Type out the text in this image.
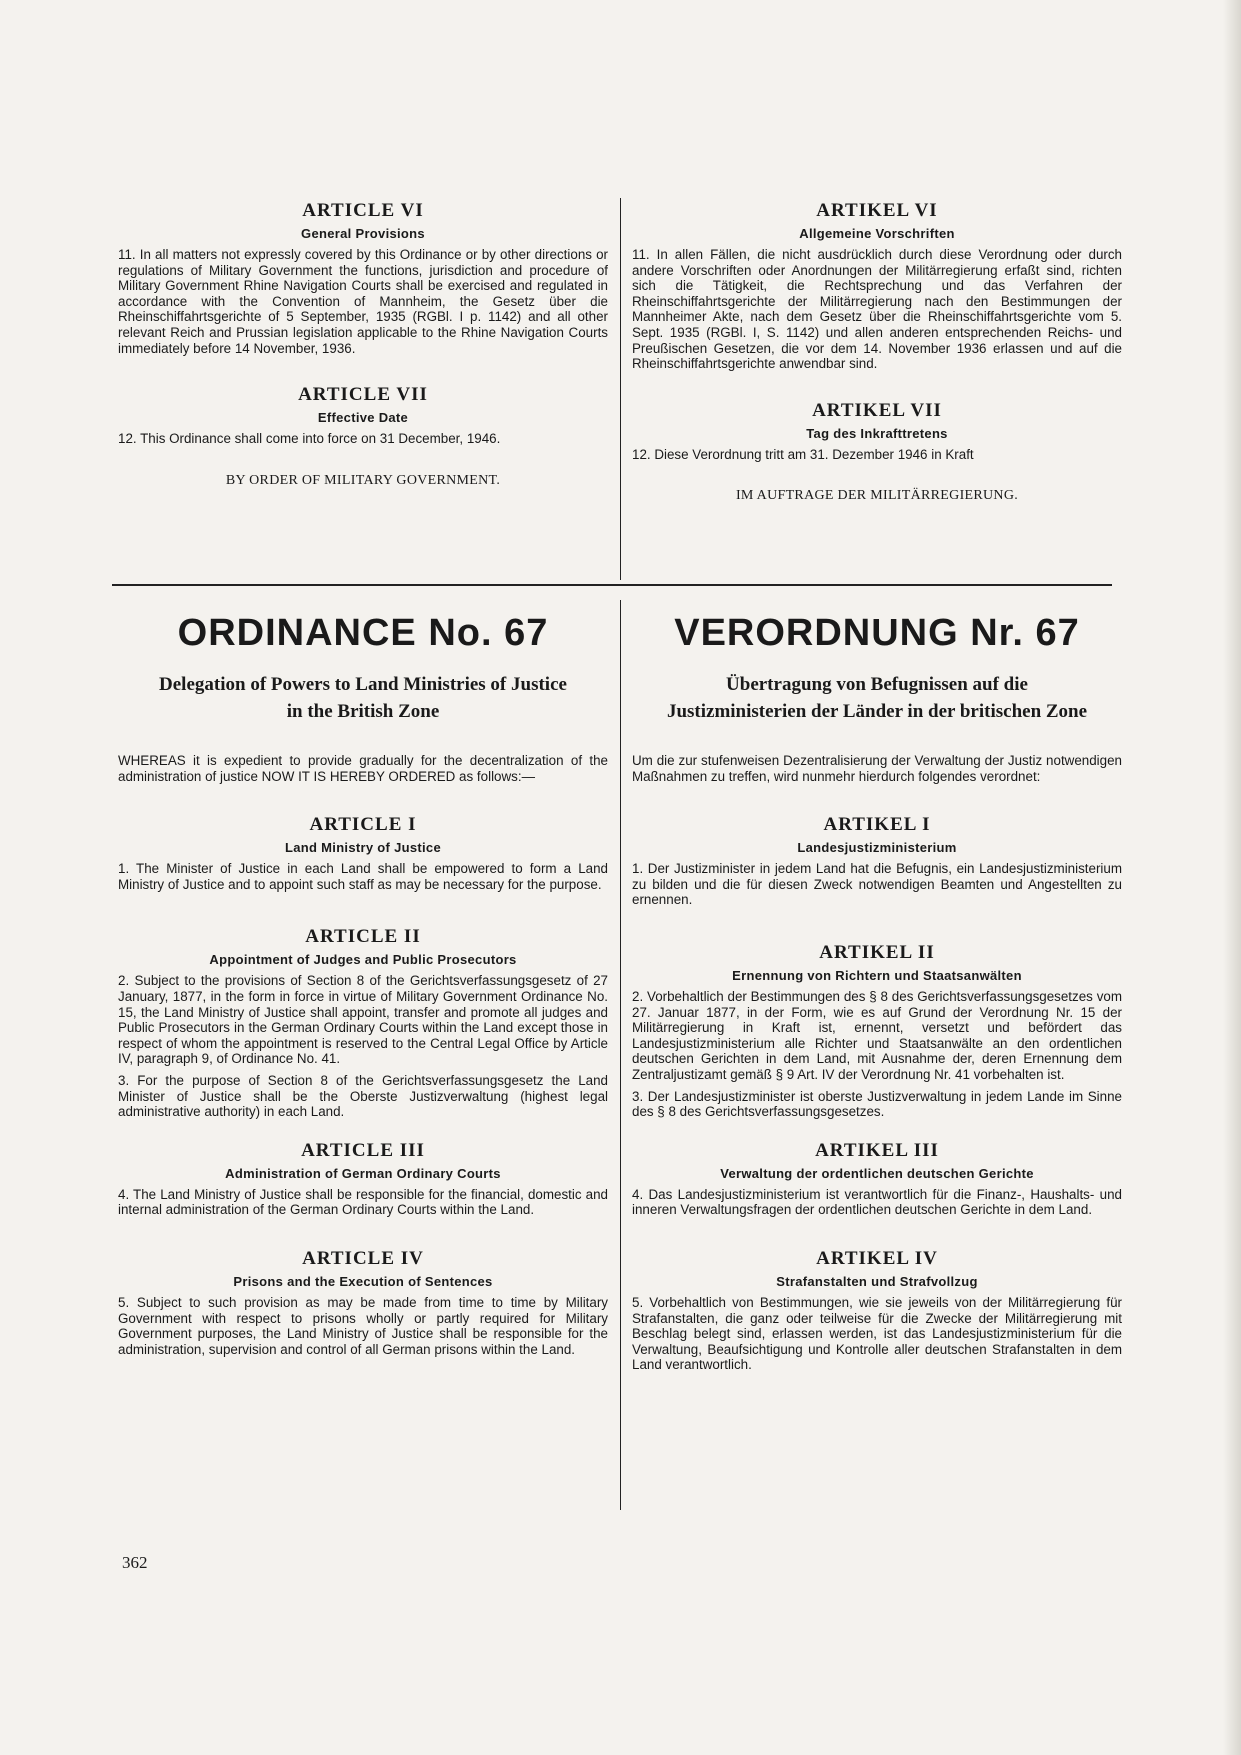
ARTICLE VI
General Provisions

11. In all matters not expressly covered by this Ordinance or by other directions or regulations of Military Government the functions, jurisdiction and procedure of Military Government Rhine Navigation Courts shall be exercised and regulated in accordance with the Convention of Mannheim, the Gesetz über die Rheinschiffahrtsgerichte of 5 September, 1935 (RGBl. I p. 1142) and all other relevant Reich and Prussian legislation applicable to the Rhine Navigation Courts immediately before 14 November, 1936.

ARTICLE VII
Effective Date

12. This Ordinance shall come into force on 31 December, 1946.

BY ORDER OF MILITARY GOVERNMENT.
ARTIKEL VI
Allgemeine Vorschriften

11. In allen Fällen, die nicht ausdrücklich durch diese Verordnung oder durch andere Vorschriften oder Anordnungen der Militärregierung erfaßt sind, richten sich die Tätigkeit, die Rechtsprechung und das Verfahren der Rheinschiffahrtsgerichte der Militärregierung nach den Bestimmungen der Mannheimer Akte, nach dem Gesetz über die Rheinschiffahrtsgerichte vom 5. Sept. 1935 (RGBl. I, S. 1142) und allen anderen entsprechenden Reichs- und Preußischen Gesetzen, die vor dem 14. November 1936 erlassen und auf die Rheinschiffahrtsgerichte anwendbar sind.

ARTIKEL VII
Tag des Inkrafttretens

12. Diese Verordnung tritt am 31. Dezember 1946 in Kraft

IM AUFTRAGE DER MILITÄRREGIERUNG.
ORDINANCE No. 67

Delegation of Powers to Land Ministries of Justice

in the British Zone

WHEREAS it is expedient to provide gradually for the decentralization of the administration of justice NOW IT IS HEREBY ORDERED as follows:—

ARTICLE I
Land Ministry of Justice

1. The Minister of Justice in each Land shall be empowered to form a Land Ministry of Justice and to appoint such staff as may be necessary for the purpose.

ARTICLE II
Appointment of Judges and Public Prosecutors

2. Subject to the provisions of Section 8 of the Gerichtsverfassungsgesetz of 27 January, 1877, in the form in force in virtue of Military Government Ordinance No. 15, the Land Ministry of Justice shall appoint, transfer and promote all judges and Public Prosecutors in the German Ordinary Courts within the Land except those in respect of whom the appointment is reserved to the Central Legal Office by Article IV, paragraph 9, of Ordinance No. 41.

3. For the purpose of Section 8 of the Gerichtsverfassungsgesetz the Land Minister of Justice shall be the Oberste Justizverwaltung (highest legal administrative authority) in each Land.

ARTICLE III
Administration of German Ordinary Courts

4. The Land Ministry of Justice shall be responsible for the financial, domestic and internal administration of the German Ordinary Courts within the Land.

ARTICLE IV
Prisons and the Execution of Sentences

5. Subject to such provision as may be made from time to time by Military Government with respect to prisons wholly or partly required for Military Government purposes, the Land Ministry of Justice shall be responsible for the administration, supervision and control of all German prisons within the Land.

VERORDNUNG Nr. 67

Übertragung von Befugnissen auf die

Justizministerien der Länder in der britischen Zone

Um die zur stufenweisen Dezentralisierung der Verwaltung der Justiz notwendigen Maßnahmen zu treffen, wird nunmehr hierdurch folgendes verordnet:

ARTIKEL I
Landesjustizministerium

1. Der Justizminister in jedem Land hat die Befugnis, ein Landesjustizministerium zu bilden und die für diesen Zweck notwendigen Beamten und Angestellten zu ernennen.

ARTIKEL II
Ernennung von Richtern und Staatsanwälten

2. Vorbehaltlich der Bestimmungen des § 8 des Gerichtsverfassungsgesetzes vom 27. Januar 1877, in der Form, wie es auf Grund der Verordnung Nr. 15 der Militärregierung in Kraft ist, ernennt, versetzt und befördert das Landesjustizministerium alle Richter und Staatsanwälte an den ordentlichen deutschen Gerichten in dem Land, mit Ausnahme der, deren Ernennung dem Zentraljustizamt gemäß § 9 Art. IV der Verordnung Nr. 41 vorbehalten ist.

3. Der Landesjustizminister ist oberste Justizverwaltung in jedem Lande im Sinne des § 8 des Gerichtsverfassungsgesetzes.

ARTIKEL III
Verwaltung der ordentlichen deutschen Gerichte

4. Das Landesjustizministerium ist verantwortlich für die Finanz-, Haushalts- und inneren Verwaltungsfragen der ordentlichen deutschen Gerichte in dem Land.

ARTIKEL IV
Strafanstalten und Strafvollzug

5. Vorbehaltlich von Bestimmungen, wie sie jeweils von der Militärregierung für Strafanstalten, die ganz oder teilweise für die Zwecke der Militärregierung mit Beschlag belegt sind, erlassen werden, ist das Landesjustizministerium für die Verwaltung, Beaufsichtigung und Kontrolle aller deutschen Strafanstalten in dem Land verantwortlich.

362
